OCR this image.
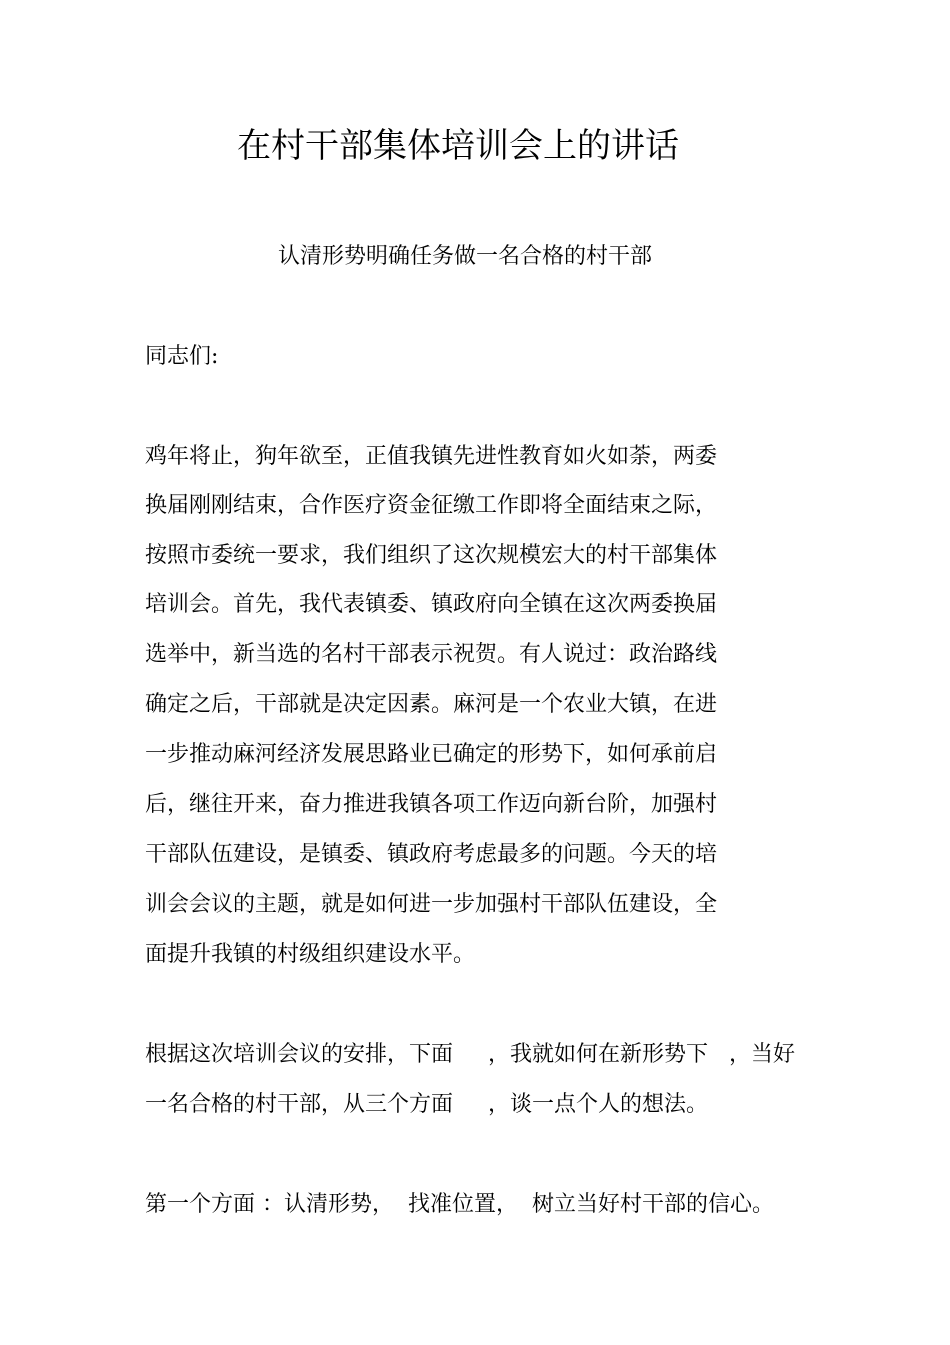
在村干部集体培训会上的讲话
认清形势明确任务做一名合格的村干部
同志们:
鸡年将止，狗年欲至，正值我镇先进性教育如火如荼，两委
换届刚刚结束，合作医疗资金征缴工作即将全面结束之际，
按照市委统一要求，我们组织了这次规模宏大的村干部集体
培训会。首先，我代表镇委、镇政府向全镇在这次两委换届
选举中，新当选的名村干部表示祝贺。有人说过：政治路线
确定之后，干部就是决定因素。麻河是一个农业大镇，在进
一步推动麻河经济发展思路业已确定的形势下，如何承前启
后，继往开来，奋力推进我镇各项工作迈向新台阶，加强村
干部队伍建设，是镇委、镇政府考虑最多的问题。今天的培
训会会议的主题，就是如何进一步加强村干部队伍建设，全
面提升我镇的村级组织建设水平。
根据这次培训会议的安排，下面     ，我就如何在新形势下   ，当好
一名合格的村干部，从三个方面     ，谈一点个人的想法。
第一个方面 ：认清形势，  找准位置，  树立当好村干部的信心。
